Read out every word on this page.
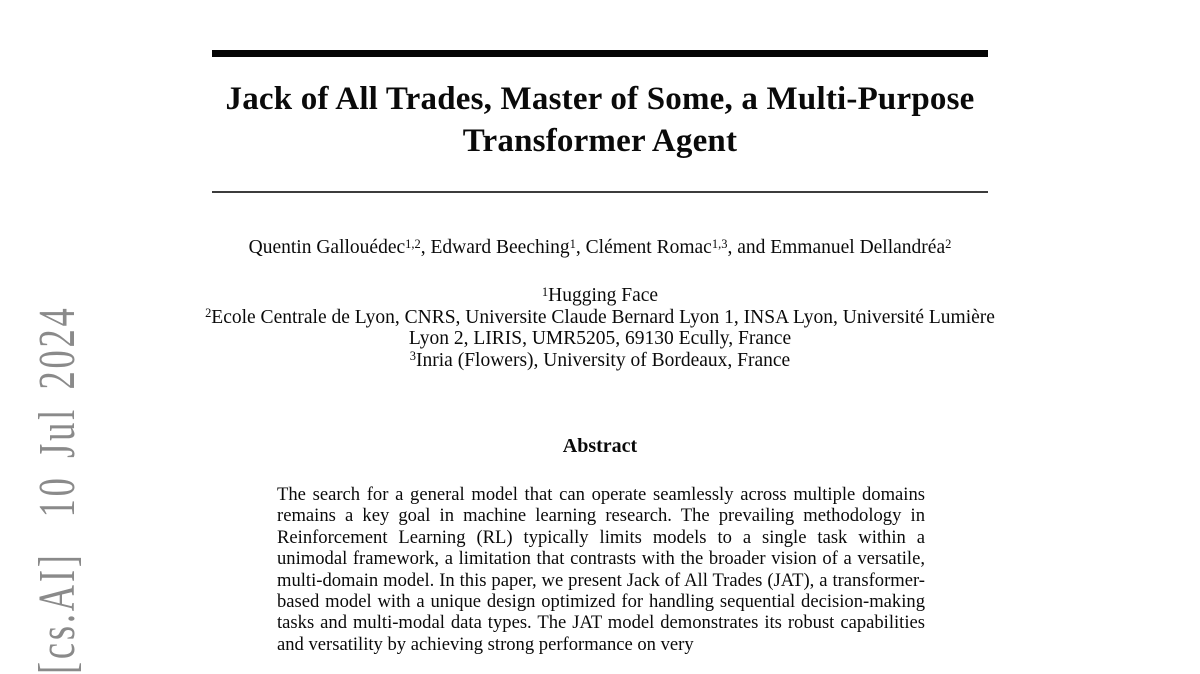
[cs.AI]  10 Jul 2024
Jack of All Trades, Master of Some, a Multi-Purpose
Transformer Agent
Quentin Gallouédec$^{1,2}$, Edward Beeching$^1$, Clément Romac$^{1,3}$, and Emmanuel Dellandréa$^2$
$^1$Hugging Face
$^2$Ecole Centrale de Lyon, CNRS, Universite Claude Bernard Lyon 1, INSA Lyon, Université Lumière
Lyon 2, LIRIS, UMR5205, 69130 Ecully, France
$^3$Inria (Flowers), University of Bordeaux, France
Abstract
The search for a general model that can operate seamlessly across multiple domains remains a key goal in machine learning research. The prevailing methodology in Reinforcement Learning (RL) typically limits models to a single task within a unimodal framework, a limitation that contrasts with the broader vision of a versatile, multi-domain model. In this paper, we present Jack of All Trades (JAT), a transformer-based model with a unique design optimized for handling sequential decision-making tasks and multi-modal data types. The JAT model demonstrates its robust capabilities and versatility by achieving strong performance on very
